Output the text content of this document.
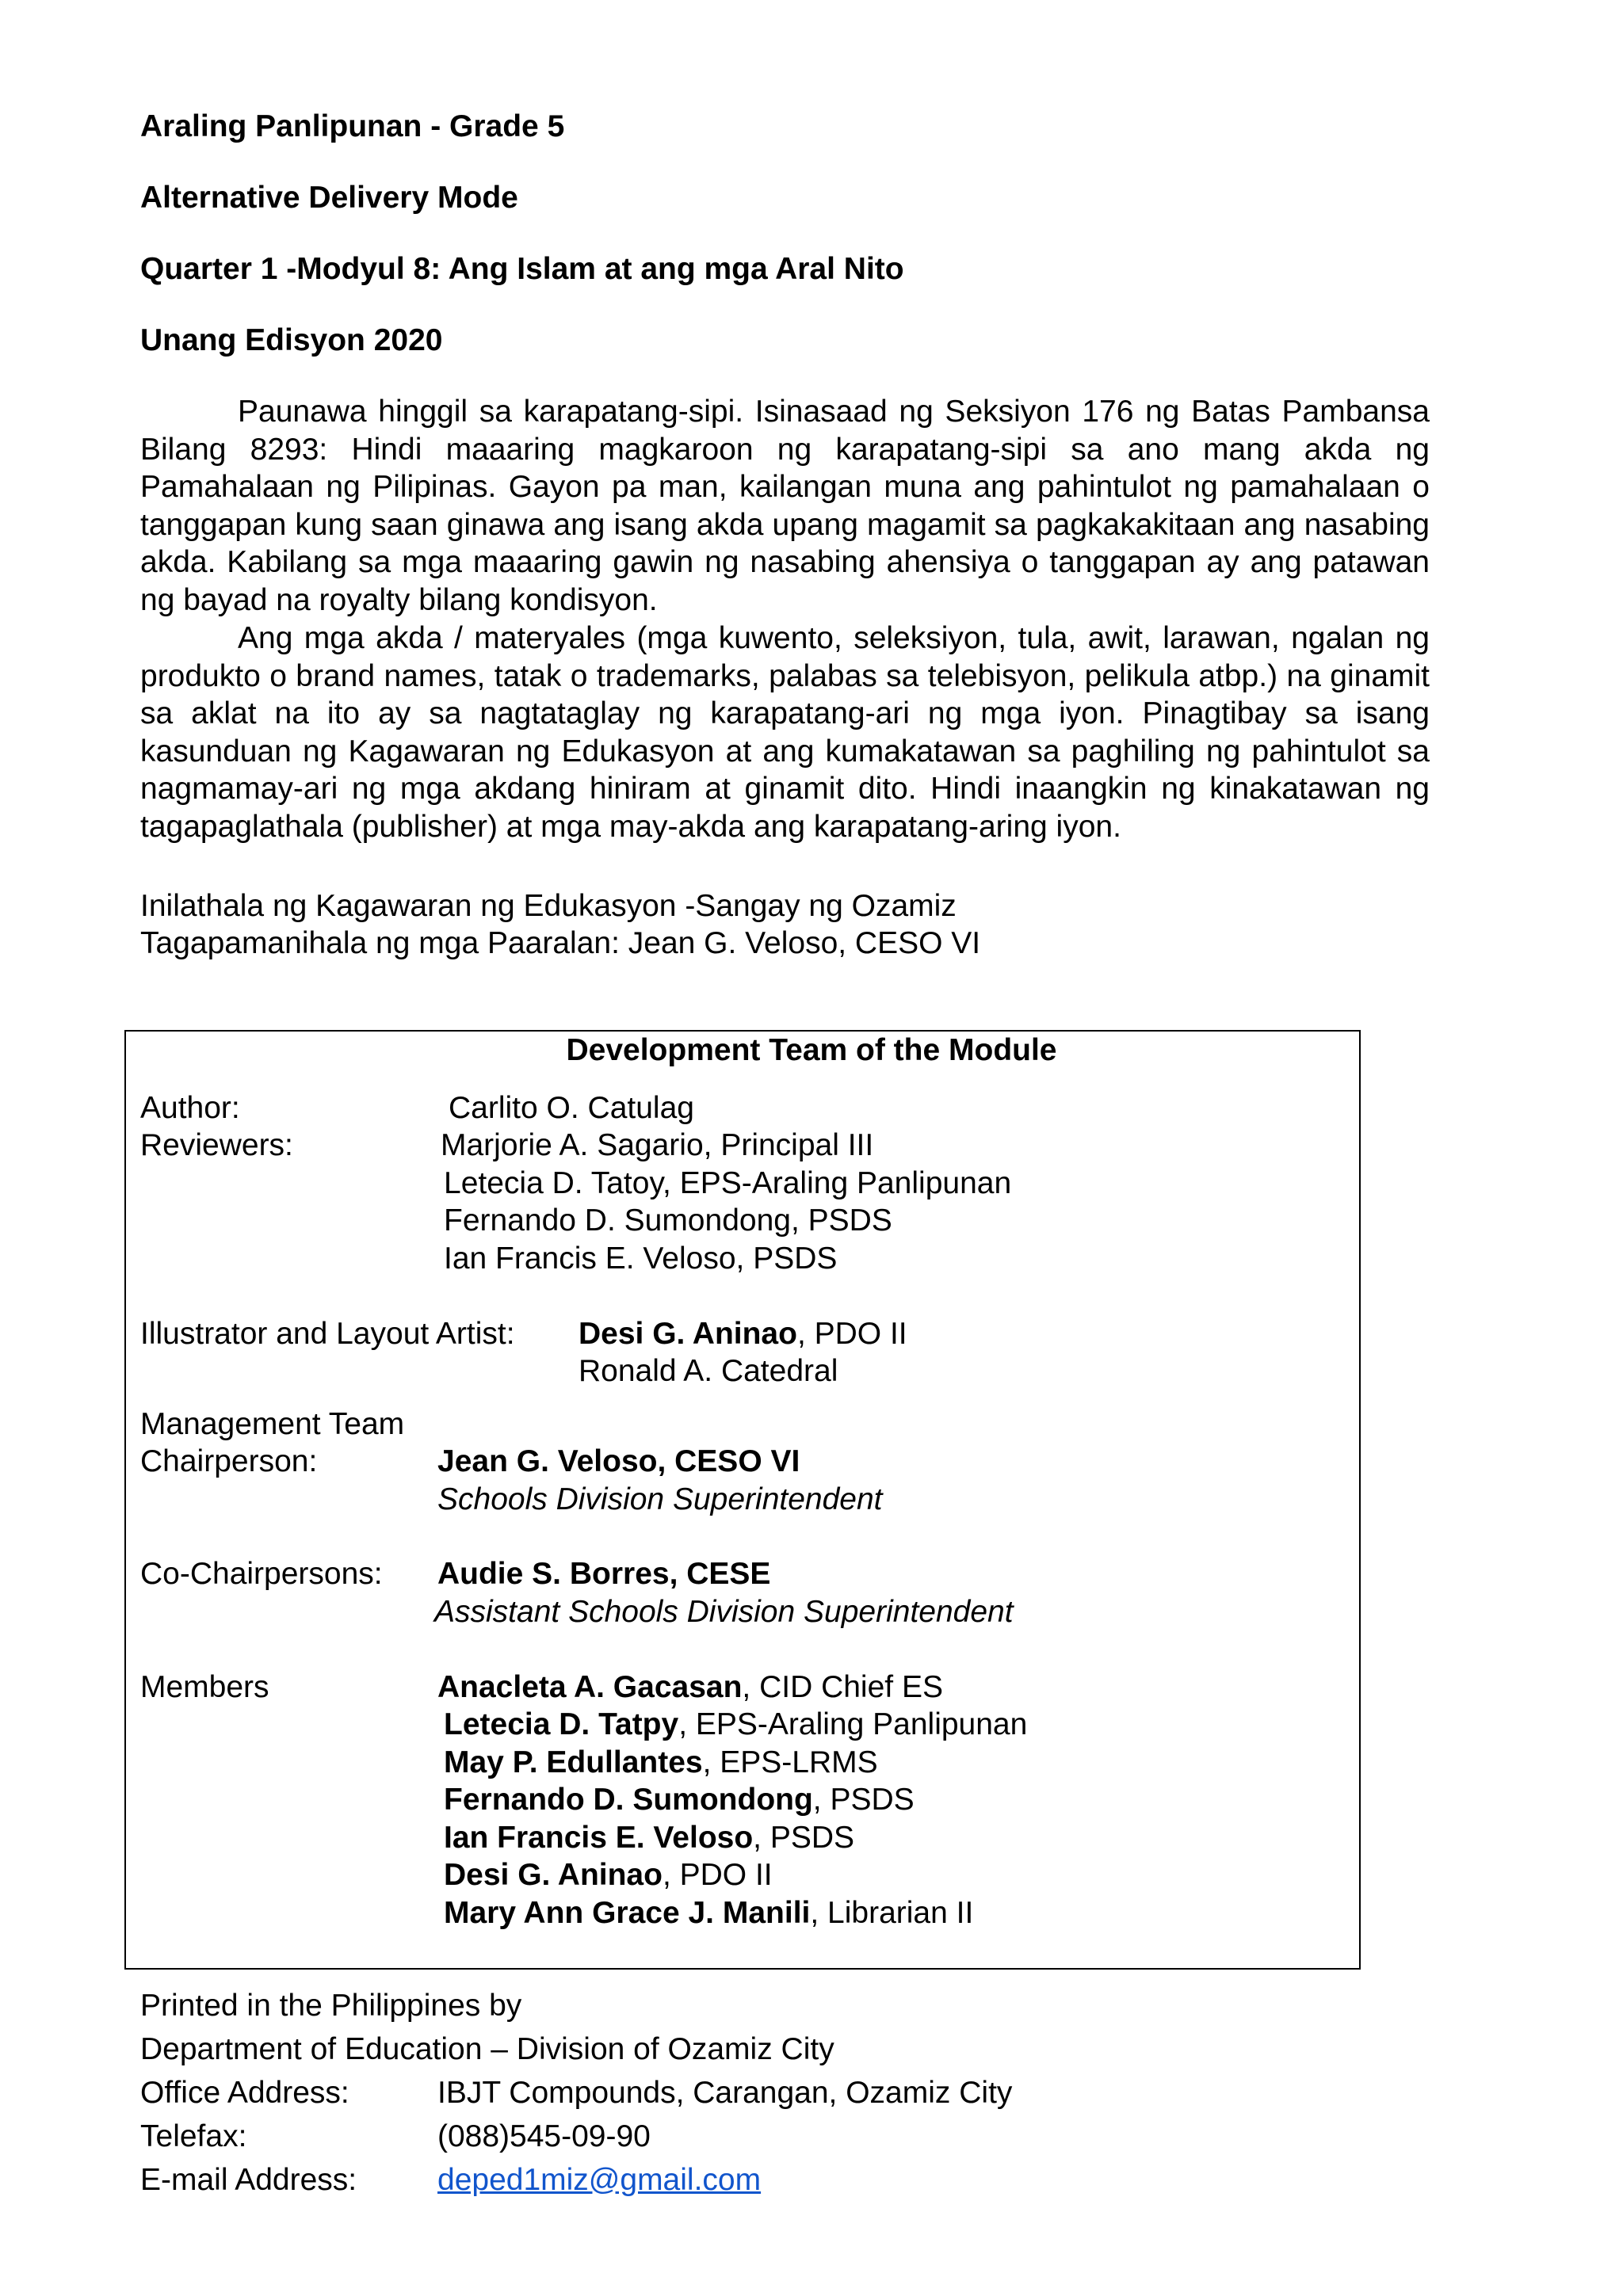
Araling Panlipunan - Grade 5
Alternative Delivery Mode
Quarter 1 -Modyul 8: Ang Islam at ang mga Aral Nito
Unang Edisyon 2020

Paunawa hinggil sa karapatang-sipi. Isinasaad ng Seksiyon 176 ng Batas Pambansa Bilang 8293: Hindi maaaring magkaroon ng karapatang-sipi sa ano mang akda ng Pamahalaan ng Pilipinas. Gayon pa man, kailangan muna ang pahintulot ng pamahalaan o tanggapan kung saan ginawa ang isang akda upang magamit sa pagkakakitaan ang nasabing akda. Kabilang sa mga maaaring gawin ng nasabing ahensiya o tanggapan ay ang patawan ng bayad na royalty bilang kondisyon.

Ang mga akda / materyales (mga kuwento, seleksiyon, tula, awit, larawan, ngalan ng produkto o brand names, tatak o trademarks, palabas sa telebisyon, pelikula atbp.) na ginamit sa aklat na ito ay sa nagtataglay ng karapatang-ari ng mga iyon. Pinagtibay sa isang kasunduan ng Kagawaran ng Edukasyon at ang kumakatawan sa paghiling ng pahintulot sa nagmamay-ari ng mga akdang hiniram at ginamit dito. Hindi inaangkin ng kinakatawan ng tagapaglathala (publisher) at mga may-akda ang karapatang-aring iyon.

Inilathala ng Kagawaran ng Edukasyon -Sangay ng Ozamiz
Tagapamanihala ng mga Paaralan: Jean G. Veloso, CESO VI
Development Team of the Module
Author:	Carlito O. Catulag
Reviewers:	Marjorie A. Sagario, Principal III
Letecia D. Tatoy, EPS-Araling Panlipunan
Fernando D. Sumondong, PSDS
Ian Francis E. Veloso, PSDS
Illustrator and Layout Artist: Desi G. Aninao, PDO II
Ronald A. Catedral
Management Team
Chairperson:	Jean G. Veloso, CESO VI
Schools Division Superintendent
Co-Chairpersons: Audie S. Borres, CESE
Assistant Schools Division Superintendent
Members	Anacleta A. Gacasan, CID Chief ES
Letecia D. Tatpy, EPS-Araling Panlipunan
May P. Edullantes, EPS-LRMS
Fernando D. Sumondong, PSDS
Ian Francis E. Veloso, PSDS
Desi G. Aninao, PDO II
Mary Ann Grace J. Manili, Librarian II
Printed in the Philippines by
Department of Education – Division of Ozamiz City
Office Address:	IBJT Compounds, Carangan, Ozamiz City
Telefax:	(088)545-09-90
E-mail Address:	deped1miz@gmail.com
